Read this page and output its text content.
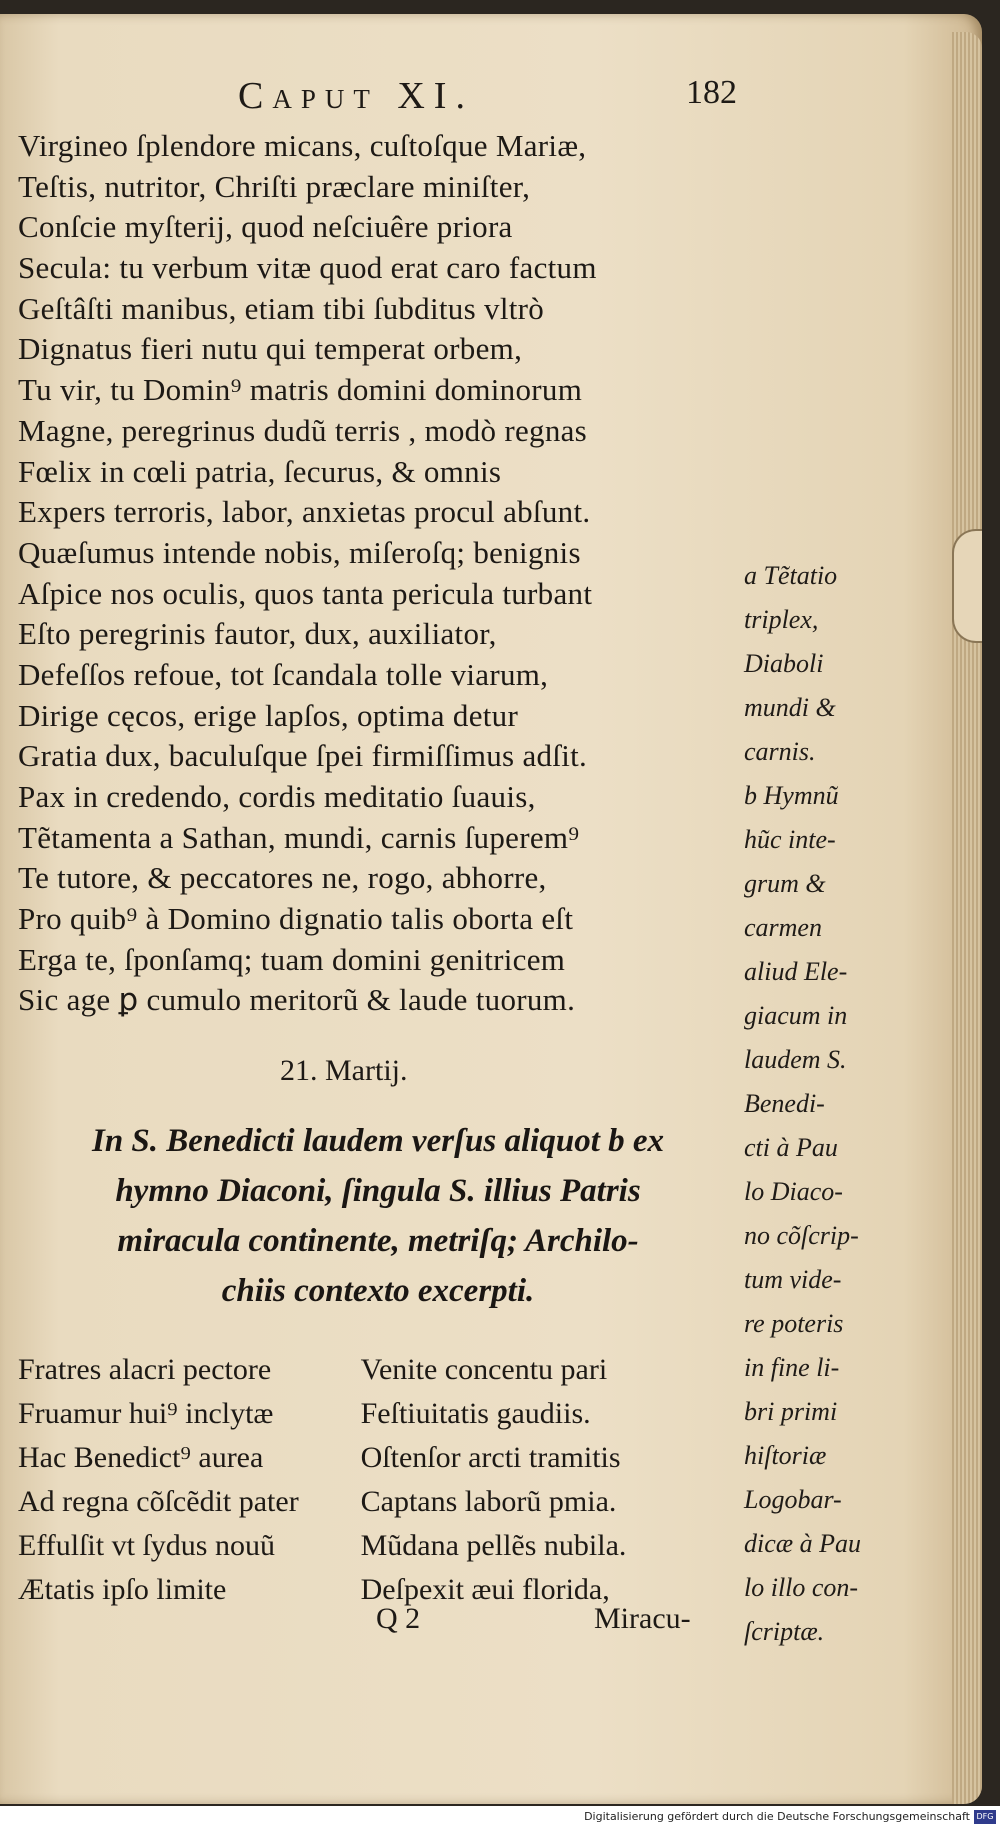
Caput XI.	182
Virgineo ſplendore micans, cuſtoſque Mariæ,
Teſtis, nutritor, Chriſti præclare miniſter,
Conſcie myſterij, quod neſciuêre priora
Secula: tu verbum vitæ quod erat caro factum
Geſtâſti manibus, etiam tibi ſubditus vltrò
Dignatus fieri nutu qui temperat orbem,
Tu vir, tu Domin⁹ matris domini dominorum
Magne, peregrinus dudũ terris , modò regnas
Fœlix in cœli patria, ſecurus, & omnis
Expers terroris, labor, anxietas procul abſunt.
Quæſumus intende nobis, miſeroſq; benignis
Aſpice nos oculis, quos tanta pericula turbant
Eſto peregrinis fautor, dux, auxiliator,
Defeſſos refoue, tot ſcandala tolle viarum,
Dirige cęcos, erige lapſos, optima detur
Gratia dux, baculuſque ſpei firmiſſimus adſit.
Pax in credendo, cordis meditatio ſuauis,
Tẽtamenta a Sathan, mundi, carnis ſuperem⁹
Te tutore, & peccatores ne, rogo, abhorre,
Pro quib⁹ à Domino dignatio talis oborta eſt
Erga te, ſponſamq; tuam domini genitricem
Sic age ꝑ cumulo meritorũ & laude tuorum.
21. Martij.
In S. Benedicti laudem verſus aliquot b ex
hymno Diaconi, ſingula S. illius Patris
miracula continente, metriſq; Archilo-
chiis contexto excerpti.
Fratres alacri pectore	Venite concentu pari
Fruamur hui⁹ inclytæ	Feſtiuitatis gaudiis.
Hac Benedict⁹ aurea	Oſtenſor arcti tramitis
Ad regna cõſcẽdit pater	Captans laborũ pmia.
Effulſit vt ſydus nouũ	Mũdana pellẽs nubila.
Ætatis ipſo limite	Deſpexit æui florida,
Q 2	Miracu-
a Tẽtatio
triplex,
Diaboli
mundi &
carnis.
b Hymnũ
hũc inte-
grum &
carmen
aliud Ele-
giacum in
laudem S.
Benedi-
cti à Pau
lo Diaco-
no cõſcrip-
tum vide-
re poteris
in fine li-
bri primi
hiſtoriæ
Logobar-
dicæ à Pau
lo illo con-
ſcriptæ.
Digitalisierung gefördert durch die Deutsche Forschungsgemeinschaft DFG
